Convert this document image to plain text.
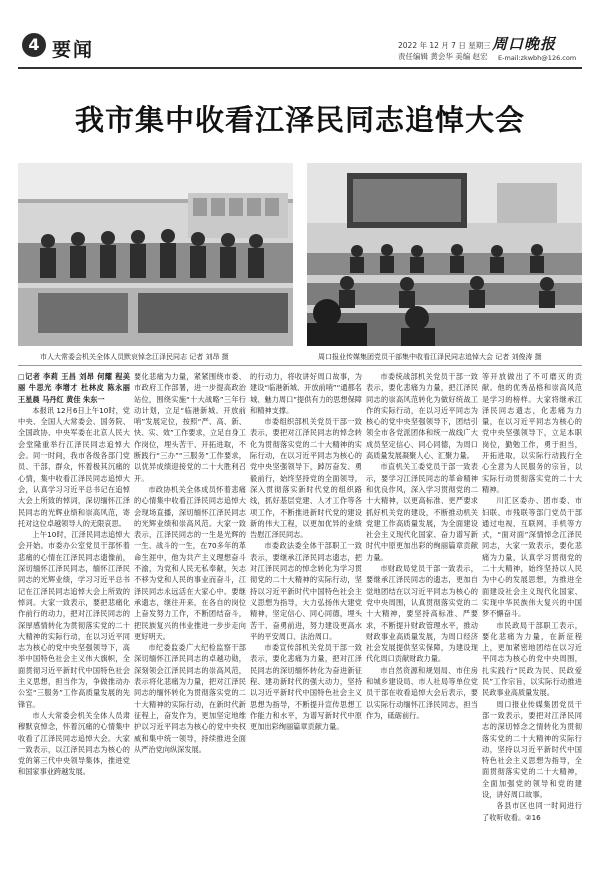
4 要闻	2022 年 12 月 7 日 星期三
责任编辑 黄会华 美编 赵宏
周口晚报
E-mail:zkwbh@126.com
我市集中收看江泽民同志追悼大会
市人大常委会机关全体人员默哀悼念江泽民同志 记者 刘昂 摄	周口报业传媒集团党员干部集中收看江泽民同志追悼大会 记者 刘俊涛 摄

□记者 李莉 王昌 刘昂 何耀 程美丽 牛思光 李增才 杜林皮 陈永丽 王星晨 马丹红 黄佳 朱东一

本报讯 12月6日上午10时，党中央、全国人大常委会、国务院、全国政协、中央军委在北京人民大会堂隆重举行江泽民同志追悼大会。同一时间，我市各级各部门党员、干部、群众，怀着极其沉痛的心情，集中收看江泽民同志追悼大会，认真学习习近平总书记在追悼大会上所致的悼词，深切缅怀江泽民同志的光辉业绩和崇高风范，寄托对这位卓越领导人的无限哀思。

上午10时，江泽民同志追悼大会开始。市委办公室党员干部怀着悲痛的心情在江泽民同志遗像前，深切缅怀江泽民同志，缅怀江泽民同志的光辉业绩，学习习近平总书记在江泽民同志追悼大会上所致的悼词。大家一致表示，要把悲痛化作前行的动力，把对江泽民同志的深厚感情转化为贯彻落实党的二十大精神的实际行动，在以习近平同志为核心的党中央坚强领导下，高举中国特色社会主义伟大旗帜，全面贯彻习近平新时代中国特色社会主义思想，担当作为，争做推动办公室“三服务”工作高质量发展的先锋官。

市人大常委会机关全体人员肃穆默哀悼念，怀着沉痛的心情集中收看了江泽民同志追悼大会。大家一致表示，以江泽民同志为核心的党的第三代中央领导集体，推进党和国家事业跨越发展。

要化悲痛为力量，紧紧围绕市委、市政府工作部署，进一步提高政治站位，围绕实施“十大战略”三年行动计划，立足“临港新城、开放前哨”发展定位，按照“严、高、新、快、实、效”工作要求，立足自身工作岗位，埋头苦干、开拓进取，不断践行“三办”“三服务”工作要求，以优异成绩迎接党的二十大胜利召开。

市政协机关全体成员怀着悲痛的心情集中收看江泽民同志追悼大会现场直播，深切缅怀江泽民同志的光辉业绩和崇高风范。大家一致表示，江泽民同志的一生是光辉的一生、战斗的一生，在70多年的革命生涯中，他为共产主义理想奋斗不渝，为党和人民无私奉献，矢志不移为党和人民的事业而奋斗，江泽民同志永远活在大家心中。要继承遗志，继往开来，在各自的岗位上奋发努力工作，不断团结奋斗，把民族复兴的伟业推进一步步走向更好明天。

市纪委监委广大纪检监察干部深切缅怀江泽民同志的卓越功勋，深刻领会江泽民同志的崇高风范，表示将化悲痛为力量，把对江泽民同志的缅怀转化为贯彻落实党的二十大精神的实际行动，在新时代新征程上，奋发作为，更加坚定地维护以习近平同志为核心的党中央权威和集中统一领导，持续推进全面从严治党向纵深发展。

的行动力，将收讲好周口故事，为建设“临港新城、开放前哨”“通都名城、魅力周口”提供有力的思想保障和精神支撑。

市委组织部机关党员干部一致表示，要把对江泽民同志的悼念转化为贯彻落实党的二十大精神的实际行动，在以习近平同志为核心的党中央坚强领导下，踔厉奋发、勇毅前行，始终坚持党的全面领导，深入贯彻落实新时代党的组织路线，抓好基层党建、人才工作等各项工作，不断推进新时代党的建设新的伟大工程，以更加优异的业绩告慰江泽民同志。

市委政法委全体干部职工一致表示，要继承江泽民同志遗志，把对江泽民同志的悼念转化为学习贯彻党的二十大精神的实际行动，坚持以习近平新时代中国特色社会主义思想为指导，大力弘扬伟大建党精神，坚定信心、同心同德，埋头苦干、奋勇前进，努力建设更高水平的平安周口、法治周口。

市委宣传部机关党员干部一致表示，要化悲痛为力量，把对江泽民同志的深切缅怀转化为奋进新征程、建功新时代的强大动力，坚持以习近平新时代中国特色社会主义思想为指导，不断提升宣传思想工作能力和水平，为谱写新时代中原更加出彩绚丽篇章贡献力量。

市委统战部机关党员干部一致表示，要化悲痛为力量，把江泽民同志的崇高风范转化为做好统战工作的实际行动，在以习近平同志为核心的党中央坚强领导下，团结引领全市各党派团体和统一战线广大成员坚定信心、同心同德，为周口高质量发展凝聚人心、汇聚力量。

市直机关工委党员干部一致表示，要学习江泽民同志的革命精神和优良作风，深入学习贯彻党的二十大精神，以更高标准、更严要求抓好机关党的建设，不断推动机关党建工作高质量发展，为全面建设社会主义现代化国家、奋力谱写新时代中原更加出彩的绚丽篇章贡献力量。

市财政局党员干部一致表示，要继承江泽民同志的遗志，更加自觉地团结在以习近平同志为核心的党中央周围，认真贯彻落实党的二十大精神，要坚持高标准、严要求，不断提升财政管理水平，推动财政事业高质量发展，为周口经济社会发展提供坚实保障，为建设现代化周口贡献财政力量。

市自然资源和规划局、市住房和城乡建设局、市人社局等单位党员干部在收看追悼大会后表示，要以实际行动缅怀江泽民同志，担当作为，砥砺前行。

等开放做出了不可磨灭的贡献。他的优秀品格和崇高风范是学习的榜样。大家将继承江泽民同志遗志，化悲痛为力量，在以习近平同志为核心的党中央坚强领导下，立足本职岗位，勤勉工作，勇于担当，开拓进取，以实际行动践行全心全意为人民服务的宗旨，以实际行动贯彻落实党的二十大精神。

川汇区委办、团市委、市妇联、市残联等部门党员干部通过电视、互联网、手机等方式，“面对面”深情悼念江泽民同志，大家一致表示，要化悲痛为力量，认真学习贯彻党的二十大精神，始终坚持以人民为中心的发展思想，为推进全面建设社会主义现代化国家、实现中华民族伟大复兴的中国梦不懈奋斗。

市民政局干部职工表示，要化悲痛为力量，在新征程上，更加紧密地团结在以习近平同志为核心的党中央周围，扎实践行“民政为民、民政爱民”工作宗旨，以实际行动推进民政事业高质量发展。

周口报业传媒集团党员干部一致表示，要把对江泽民同志的深切悼念之情转化为贯彻落实党的二十大精神的实际行动，坚持以习近平新时代中国特色社会主义思想为指导，全面贯彻落实党的二十大精神，全面加强党的领导和党的建设，讲好周口故事。

各县市区也同一时间进行了收听收看。②16
